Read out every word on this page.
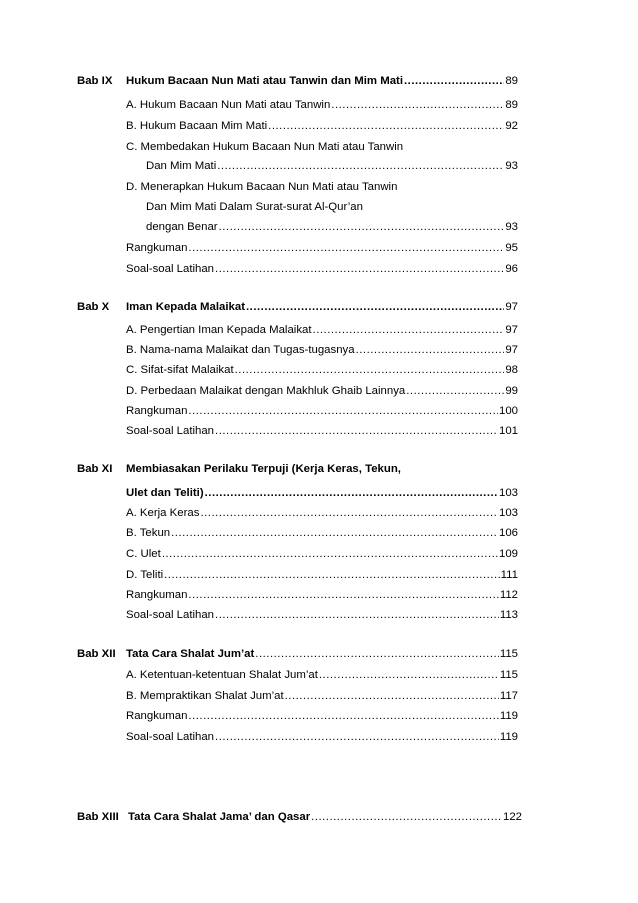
Bab IX Hukum Bacaan Nun Mati atau Tanwin dan Mim Mati .....	89
A. Hukum Bacaan Nun Mati atau Tanwin .....	89
B. Hukum Bacaan Mim Mati .....	92
C. Membedakan Hukum Bacaan Nun Mati atau Tanwin
Dan Mim Mati .....	93
D. Menerapkan Hukum Bacaan Nun Mati atau Tanwin
Dan Mim Mati Dalam Surat-surat Al-Qur’an
dengan Benar .....	93
Rangkuman .....	95
Soal-soal Latihan .....	96
Bab X Iman Kepada Malaikat .....	97
A. Pengertian Iman Kepada Malaikat .....	97
B. Nama-nama Malaikat dan Tugas-tugasnya .....	97
C. Sifat-sifat Malaikat .....	98
D. Perbedaan Malaikat dengan Makhluk Ghaib Lainnya .....	99
Rangkuman .....	100
Soal-soal Latihan .....	101
Bab XI Membiasakan Perilaku Terpuji (Kerja Keras, Tekun,
Ulet dan Teliti) .....	103
A. Kerja Keras .....	103
B. Tekun .....	106
C. Ulet .....	109
D. Teliti .....	111
Rangkuman .....	112
Soal-soal Latihan .....	113
Bab XII Tata Cara Shalat Jum’at .....	115
A. Ketentuan-ketentuan Shalat Jum’at .....	115
B. Mempraktikan Shalat Jum’at .....	117
Rangkuman .....	119
Soal-soal Latihan .....	119
Bab XIII Tata Cara Shalat Jama’ dan Qasar .....	122
